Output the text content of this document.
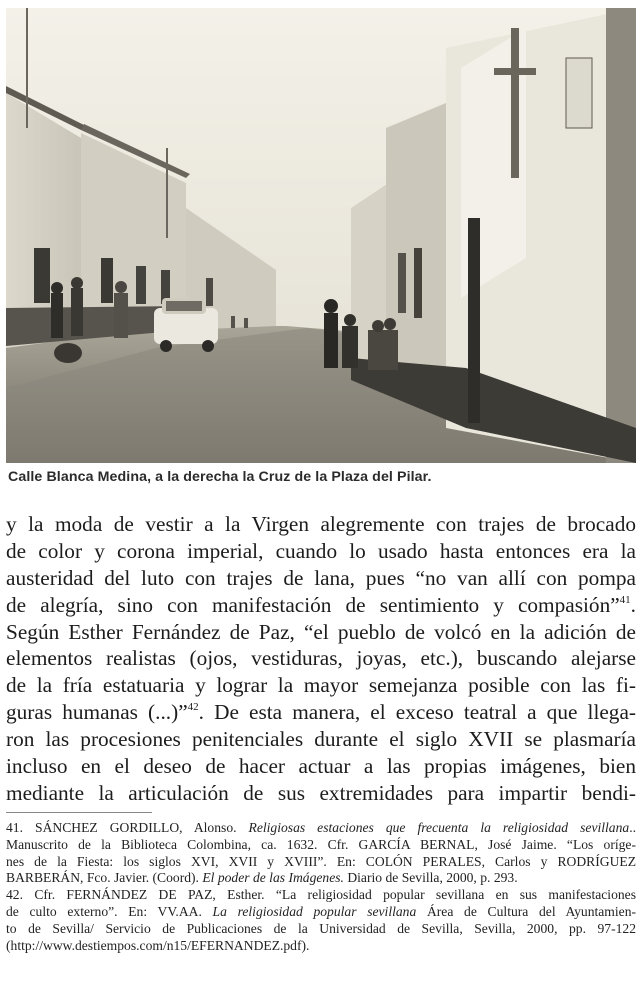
Calle Blanca Medina, a la derecha la Cruz de la Plaza del Pilar.
y la moda de vestir a la Virgen alegremente con trajes de brocado
de color y corona imperial, cuando lo usado hasta entonces era la
austeridad del luto con trajes de lana, pues “no van allí con pompa
de alegría, sino con manifestación de sentimiento y compasión”$^{41}$.
Según Esther Fernández de Paz, “el pueblo de volcó en la adición de
elementos realistas (ojos, vestiduras, joyas, etc.), buscando alejarse
de la fría estatuaria y lograr la mayor semejanza posible con las fi-
guras humanas (...)”$^{42}$. De esta manera, el exceso teatral a que llega-
ron las procesiones penitenciales durante el siglo XVII se plasmaría
incluso en el deseo de hacer actuar a las propias imágenes, bien
mediante la articulación de sus extremidades para impartir bendi-
41. SÁNCHEZ GORDILLO, Alonso. Religiosas estaciones que frecuenta la religiosidad sevillana..
Manuscrito de la Biblioteca Colombina, ca. 1632. Cfr. GARCÍA BERNAL, José Jaime. “Los oríge-
nes de la Fiesta: los siglos XVI, XVII y XVIII”. En: COLÓN PERALES, Carlos y RODRÍGUEZ
BARBERÁN, Fco. Javier. (Coord). El poder de las Imágenes. Diario de Sevilla, 2000, p. 293.
42. Cfr. FERNÁNDEZ DE PAZ, Esther. “La religiosidad popular sevillana en sus manifestaciones
de culto externo”. En: VV.AA. La religiosidad popular sevillana Área de Cultura del Ayuntamien-
to de Sevilla/ Servicio de Publicaciones de la Universidad de Sevilla, Sevilla, 2000, pp. 97-122
(http://www.destiempos.com/n15/EFERNANDEZ.pdf).
